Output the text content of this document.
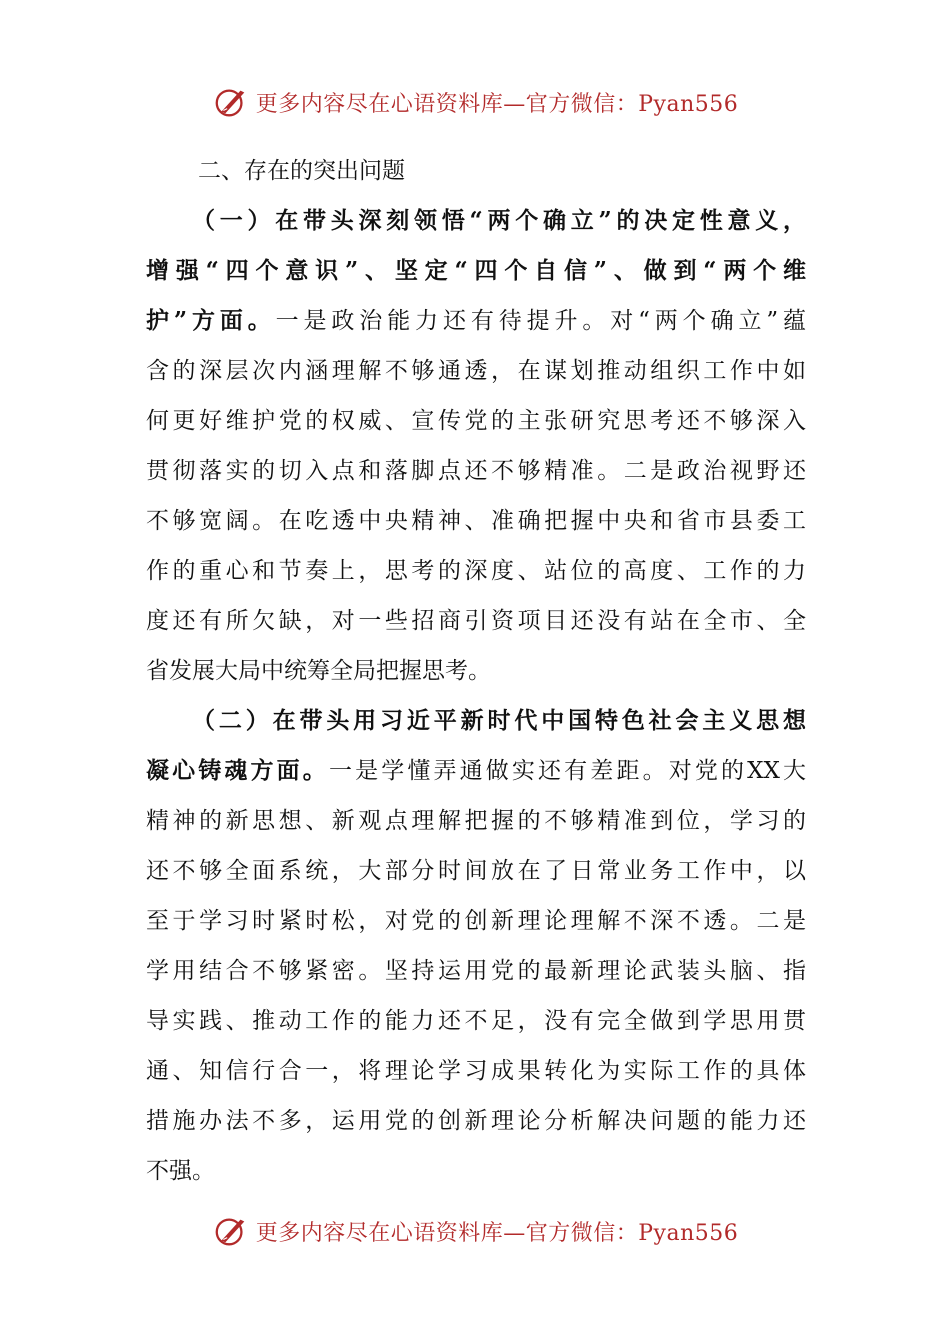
更多内容尽在心语资料库—官方微信：Pyan556
二、存在的突出问题
（一）在带头深刻领悟“两个确立”的决定性意义，
增强“四个意识”、坚定“四个自信”、做到“两个维
护”方面。一是政治能力还有待提升。对“两个确立”蕴
含的深层次内涵理解不够通透，在谋划推动组织工作中如
何更好维护党的权威、宣传党的主张研究思考还不够深入
贯彻落实的切入点和落脚点还不够精准。二是政治视野还
不够宽阔。在吃透中央精神、准确把握中央和省市县委工
作的重心和节奏上，思考的深度、站位的高度、工作的力
度还有所欠缺，对一些招商引资项目还没有站在全市、全
省发展大局中统筹全局把握思考。
（二）在带头用习近平新时代中国特色社会主义思想
凝心铸魂方面。一是学懂弄通做实还有差距。对党的XX大
精神的新思想、新观点理解把握的不够精准到位，学习的
还不够全面系统，大部分时间放在了日常业务工作中，以
至于学习时紧时松，对党的创新理论理解不深不透。二是
学用结合不够紧密。坚持运用党的最新理论武装头脑、指
导实践、推动工作的能力还不足，没有完全做到学思用贯
通、知信行合一，将理论学习成果转化为实际工作的具体
措施办法不多，运用党的创新理论分析解决问题的能力还
不强。
更多内容尽在心语资料库—官方微信：Pyan556
